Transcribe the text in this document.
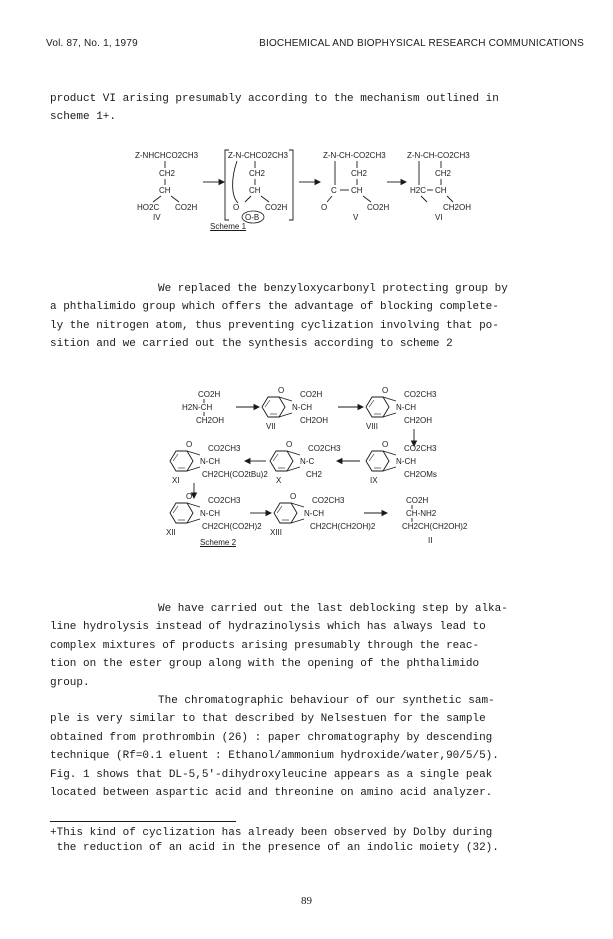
Vol. 87, No. 1, 1979	BIOCHEMICAL AND BIOPHYSICAL RESEARCH COMMUNICATIONS
product VI arising presumably according to the mechanism outlined in
scheme 1+.
Z-NHCHCO2CH3
CH2
CH
HO2C CO2H
IV
Z-N-CHCO2CH3
CH2
CH
O	CO2H
O-B
Z-N-CH-CO2CH3
CH2
CH
C
O	CO2H
V
Z-N-CH-CO2CH3
CH2
CH
H2C
CH2OH
VI
Scheme 1
We replaced the benzyloxycarbonyl protecting group by
a phthalimido group which offers the advantage of blocking complete-
ly the nitrogen atom, thus preventing cyclization involving that po-
sition and we carried out the synthesis according to scheme 2
CO2H
H2N-CH
CH2OH
O
N-CH
CO2H
CH2OH
VII
O
N-CH
CO2CH3
CH2OH
VIII
O
N-CH
CO2CH3
CH2CH(CO2tBu)2
XI
O
N-C
CO2CH3
CH2
X
O
N-CH
CO2CH3
CH2OMs
IX
O
N-CH
CO2CH3
CH2CH(CO2H)2
XII
O
N-CH
CO2CH3
CH2CH(CH2OH)2
XIII
CO2H
CH-NH2
CH2CH(CH2OH)2
II
Scheme 2
We have carried out the last deblocking step by alka-
line hydrolysis instead of hydrazinolysis which has always lead to
complex mixtures of products arising presumably through the reac-
tion on the ester group along with the opening of the phthalimido
group.
The chromatographic behaviour of our synthetic sam-
ple is very similar to that described by Nelsestuen for the sample
obtained from prothrombin (26) : paper chromatography by descending
technique (Rf=0.1 eluent : Ethanol/ammonium hydroxide/water,90/5/5).
Fig. 1 shows that DL-5,5'-dihydroxyleucine appears as a single peak
located between aspartic acid and threonine on amino acid analyzer.
+This kind of cyclization has already been observed by Dolby during
the reduction of an acid in the presence of an indolic moiety (32).
89
